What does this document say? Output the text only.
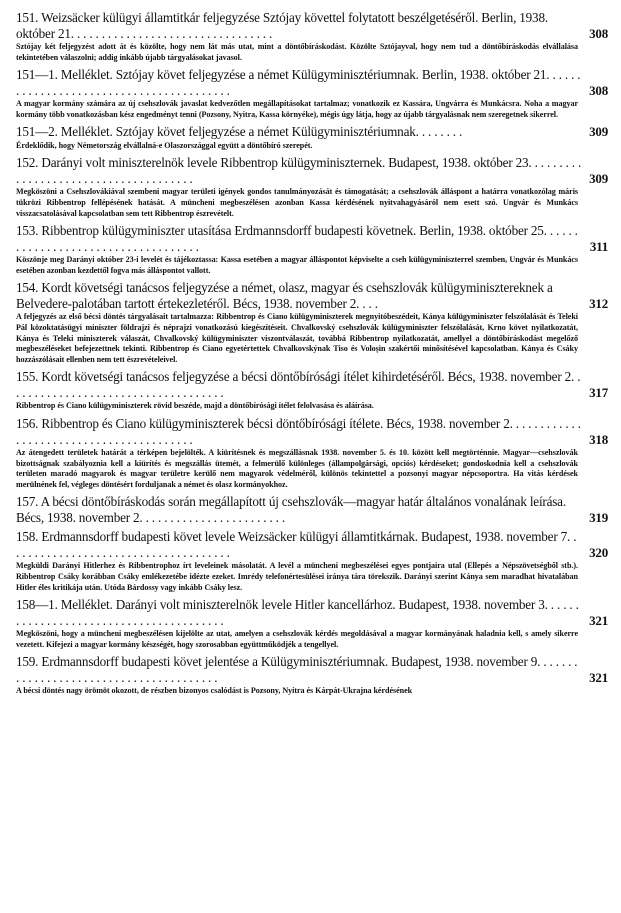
151. Weizsäcker külügyi államtitkár feljegyzése Sztójay követtel folytatott beszélgetéséről. Berlin, 1938. október 21. . . . . . . . . . . . . . . . . . . . . . . . . . . . . . . . .	308
Sztójay két feljegyzést adott át és közölte, hogy nem lát más utat, mint a döntőbíráskodást. Közölte Sztójayval, hogy nem tud a döntőbíráskodás elvállalása tekintetében válaszolni; addig inkább újabb tárgyalásokat javasol.
151—1. Melléklet. Sztójay követ feljegyzése a német Külügyminisztériumnak. Berlin, 1938. október 21. . . . . . . . . . . . . . . . . . . . . . . . . . . . . . . . . . . . . . . . .	308
A magyar kormány számára az új csehszlovák javaslat kedvezőtlen megállapításokat tartalmaz; vonatkozik ez Kassára, Ungvárra és Munkácsra. Noha a magyar kormány több vonatkozásban kész engedményt tenni (Pozsony, Nyitra, Kassa környéke), mégis úgy látja, hogy az újabb tárgyalásnak nem szeregetnek sikerrel.
151—2. Melléklet. Sztójay követ feljegyzése a német Külügyminisztériumnak. . . . . . . .	309
Érdeklődik, hogy Németország elvállalná-e Olaszországgal együtt a döntőbíró szerepét.
152. Darányi volt miniszterelnök levele Ribbentrop külügyminiszternek. Budapest, 1938. október 23. . . . . . . . . . . . . . . . . . . . . . . . . . . . . . . . . . . . . .	309
Megköszöni a Csehszlovákiával szembeni magyar területi igények gondos tanulmányozását és támogatását; a csehszlovák álláspont a határra vonatkozólag máris tükrözi Ribbentrop fellépésének hatását. A müncheni megbeszélésen azonban Kassa kérdésének nyitvahagyásáról nem esett szó. Ungvár és Munkács visszacsatolásával kapcsolatban sem tett Ribbentrop észrevételt.
153. Ribbentrop külügyminiszter utasítása Erdmannsdorff budapesti követnek. Berlin, 1938. október 25. . . . . . . . . . . . . . . . . . . . . . . . . . . . . . . . . . . .	311
Köszönje meg Darányi október 23-i levelét és tájékoztassa: Kassa esetében a magyar álláspontot képviselte a cseh külügyminiszterrel szemben, Ungvár és Munkács esetében azonban kezdettől fogva más álláspontot vallott.
154. Kordt követségi tanácsos feljegyzése a német, olasz, magyar és csehszlovák külügyminisztereknek a Belvedere-palotában tartott értekezletéről. Bécs, 1938. november 2. . . .	312
A feljegyzés az első bécsi döntés tárgyalásait tartalmazza: Ribbentrop és Ciano külügyminiszterek megnyitóbeszédeit, Kánya külügyminiszter felszólalását és Teleki Pál közoktatásügyi miniszter földrajzi és néprajzi vonatkozású kiegészítéseit. Chvalkovský csehszlovák külügyminiszter felszólalását, Krno követ nyilatkozatát, Kánya és Teleki miniszterek válaszát, Chvalkovský külügyminiszter viszontválaszát, továbbá Ribbentrop nyilatkozatát, amellyel a döntőbíráskodást megelőző megbeszéléseket befejezettnek tekinti. Ribbentrop és Ciano egyetértettek Chvalkovskýnak Tiso és Voloșin szakértői minősítésével kapcsolatban. Kánya és Csáky hozzászólásait ellenben nem tett észrevételeivel.
155. Kordt követségi tanácsos feljegyzése a bécsi döntőbírósági ítélet kihirdetéséről. Bécs, 1938. november 2. . . . . . . . . . . . . . . . . . . . . . . . . . . . . . . . . . . .	317
Ribbentrop és Ciano külügyminiszterek rövid beszéde, majd a döntőbírósági ítélet felolvasása és aláírása.
156. Ribbentrop és Ciano külügyminiszterek bécsi döntőbírósági ítélete. Bécs, 1938. november 2. . . . . . . . . . . . . . . . . . . . . . . . . . . . . . . . . . . . . . . . .	318
Az átengedett területek határát a térképen bejelölték. A kiürítésnek és megszállásnak 1938. november 5. és 10. között kell megtörténnie. Magyar—csehszlovák bizottságnak szabályoznia kell a kiürítés és megszállás ütemét, a felmerülő különleges (állampolgársági, opciós) kérdéseket; gondoskodnia kell a csehszlovák területen maradó magyarok és magyar területre kerülő nem magyarok védelméről, különös tekintettel a pozsonyi magyar népcsoportra. Ha vitás kérdések merülnének fel, végleges döntésért forduljanak a német és olasz kormányokhoz.
157. A bécsi döntőbíráskodás során megállapított új csehszlovák—magyar határ általános vonalának leírása. Bécs, 1938. november 2. . . . . . . . . . . . . . . . . . . . . . . .	319
158. Erdmannsdorff budapesti követ levele Weizsäcker külügyi államtitkárnak. Budapest, 1938. november 7. . . . . . . . . . . . . . . . . . . . . . . . . . . . . . . . . . . . .	320
Megküldi Darányi Hitlerhez és Ribbentrophoz írt leveleinek másolatát. A levél a müncheni megbeszélései egyes pontjaira utal (Ellepés a Népszövetségből stb.). Ribbentrop Csáky korábban Csáky emlékezetébe idézte ezeket. Imrédy telefonértesülései iránya tára törekszik. Darányi szerint Kánya sem maradhat hivatalában Hitler éles kritikája után. Utóda Bárdossy vagy inkább Csáky lesz.
158—1. Melléklet. Darányi volt miniszterelnök levele Hitler kancellárhoz. Budapest, 1938. november 3. . . . . . . . . . . . . . . . . . . . . . . . . . . . . . . . . . . . . . . .	321
Megköszöni, hogy a müncheni megbeszélésen kijelölte az utat, amelyen a csehszlovák kérdés megoldásával a magyar kormányának haladnia kell, s amely sikerre vezetett. Kifejezi a magyar kormány készségét, hogy szorosabban együttműködjék a tengellyel.
159. Erdmannsdorff budapesti követ jelentése a Külügyminisztériumnak. Budapest, 1938. november 9. . . . . . . . . . . . . . . . . . . . . . . . . . . . . . . . . . . . . . . .	321
A bécsi döntés nagy örömöt okozott, de részben bizonyos csalódást is Pozsony, Nyitra és Kárpát-Ukrajna kérdésének
